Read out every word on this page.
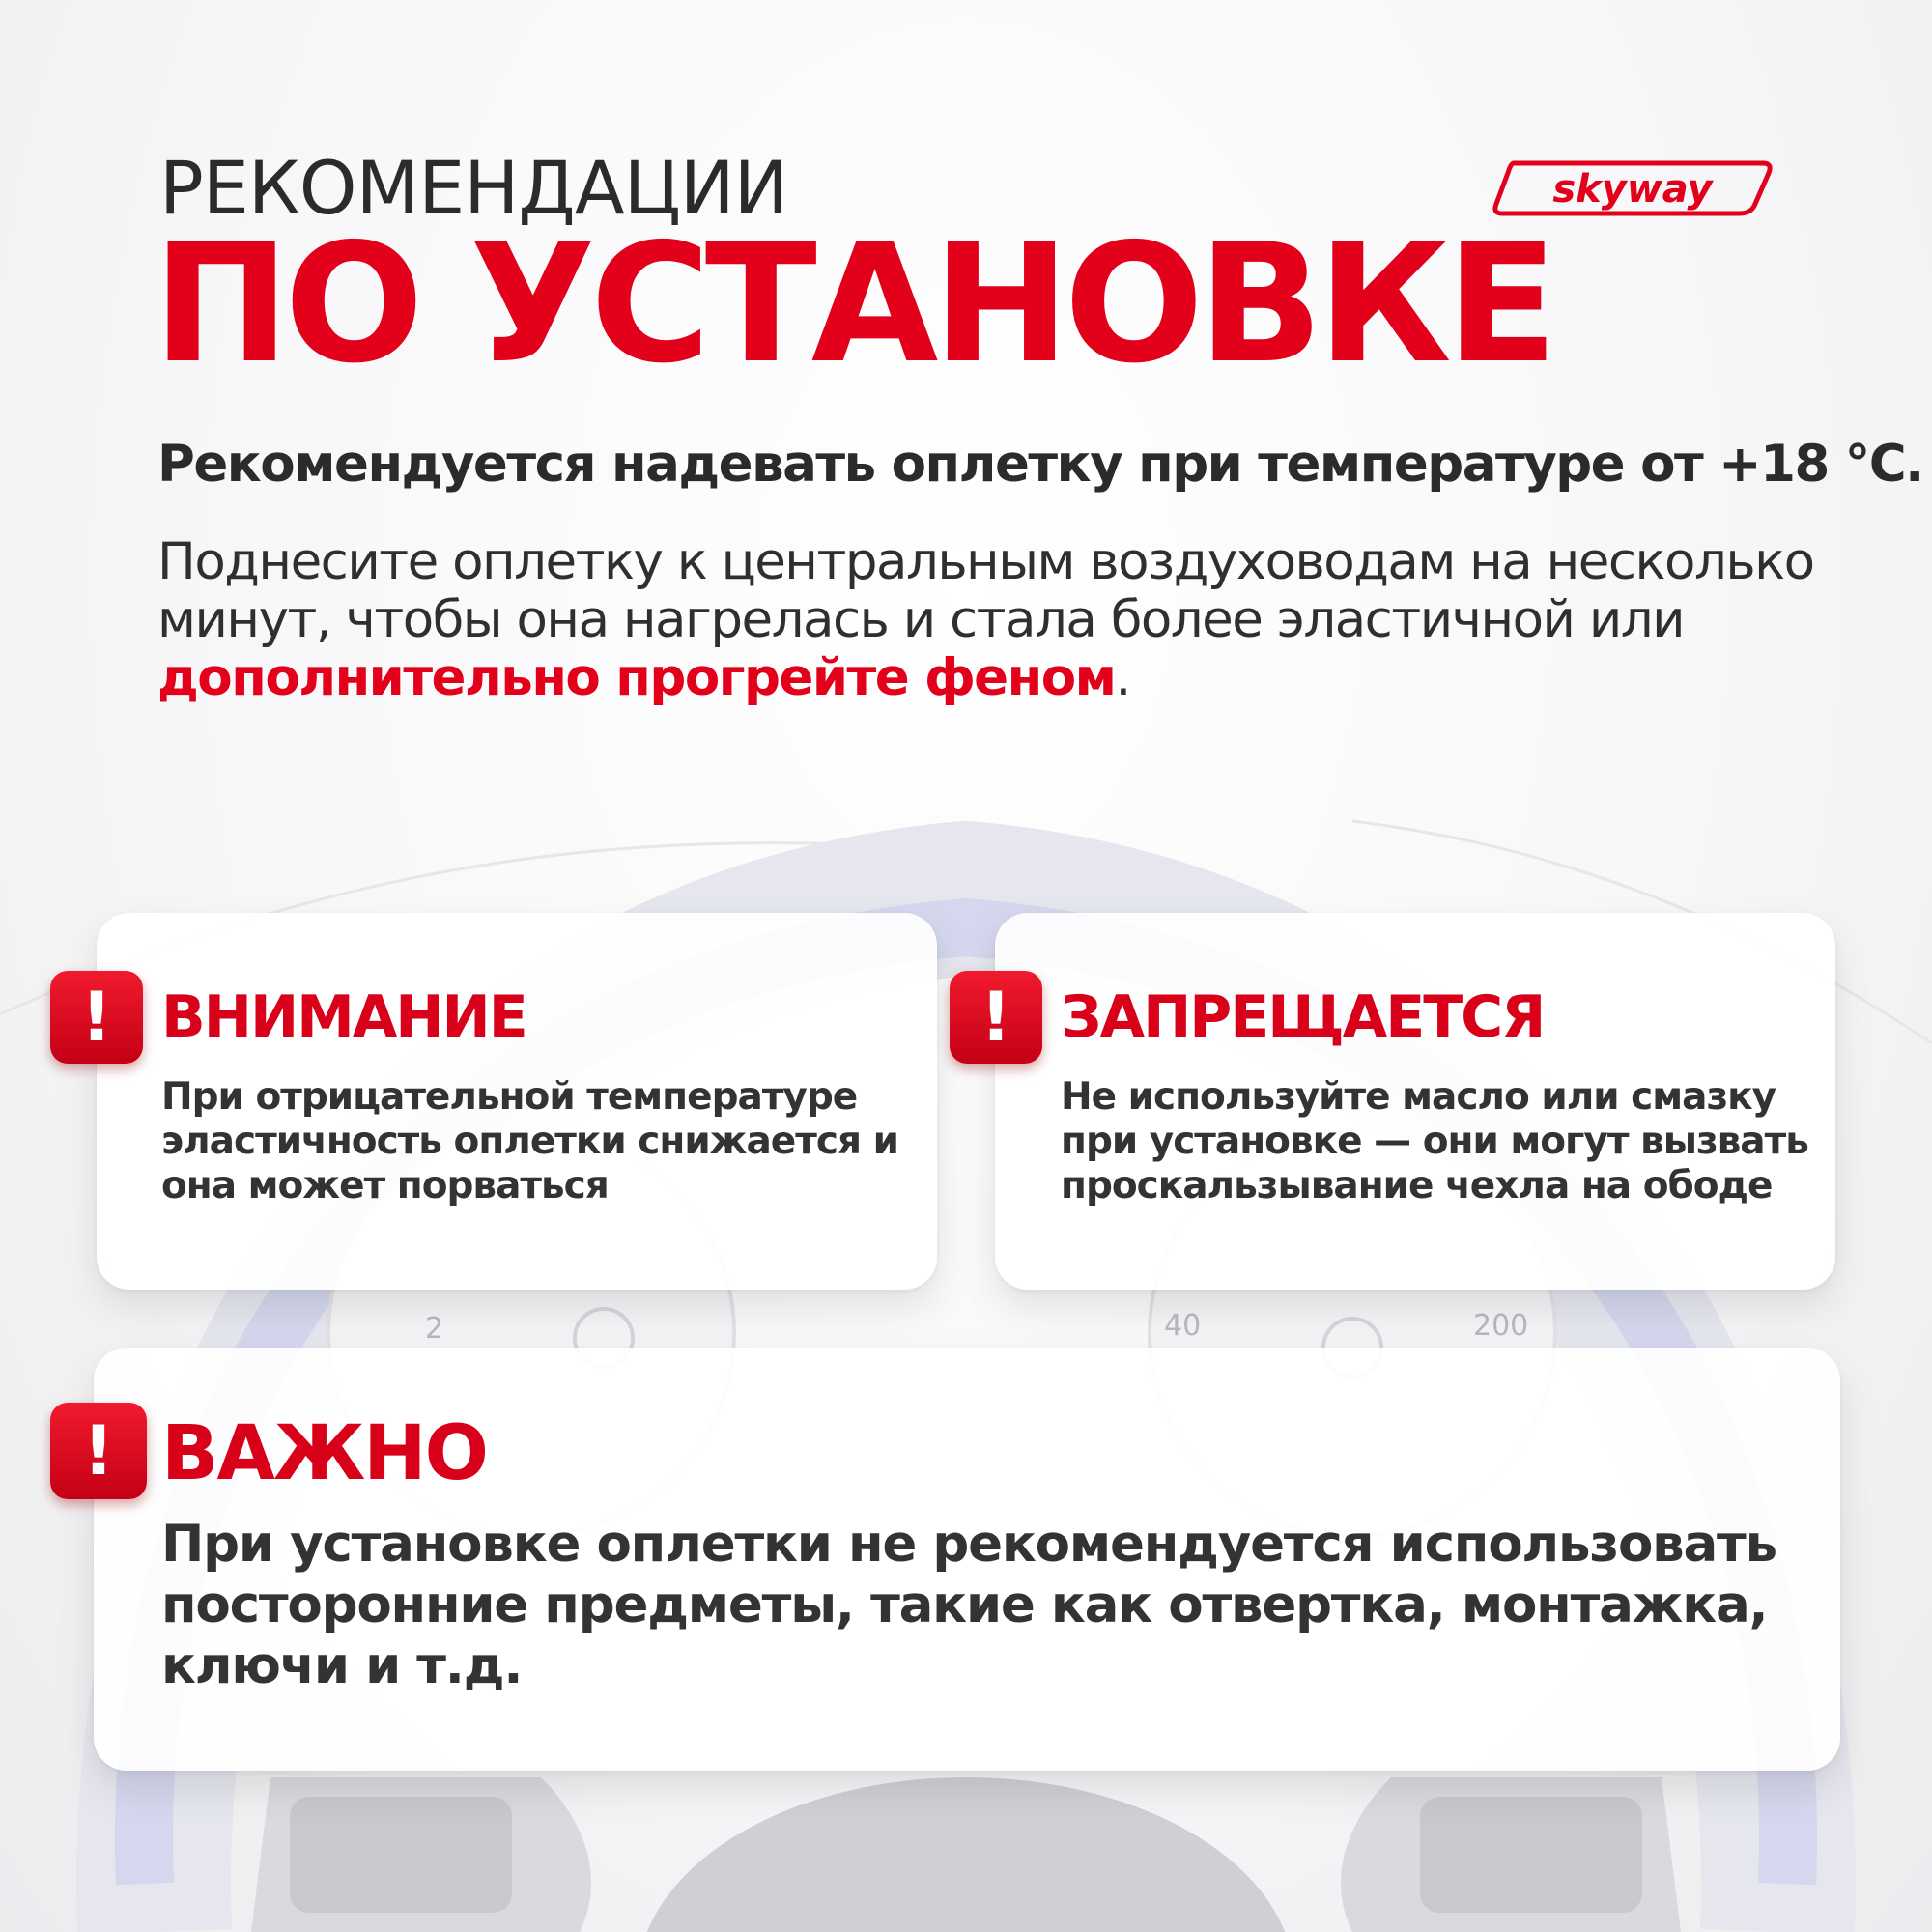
2	40	200
РЕКОМЕНДАЦИИ
ПО УСТАНОВКЕ
skyway

Рекомендуется надевать оплетку при температуре от +18 °С.

Поднесите оплетку к центральным воздуховодам на несколько минут, чтобы она нагрелась и стала более эластичной или дополнительно прогрейте феном.

! ВНИМАНИЕ

При отрицательной температуре эластичность оплетки снижается и она может порваться

! ЗАПРЕЩАЕТСЯ

Не используйте масло или смазку при установке — они могут вызвать проскальзывание чехла на ободе

! ВАЖНО

При установке оплетки не рекомендуется использовать посторонние предметы, такие как отвертка, монтажка, ключи и т.д.
